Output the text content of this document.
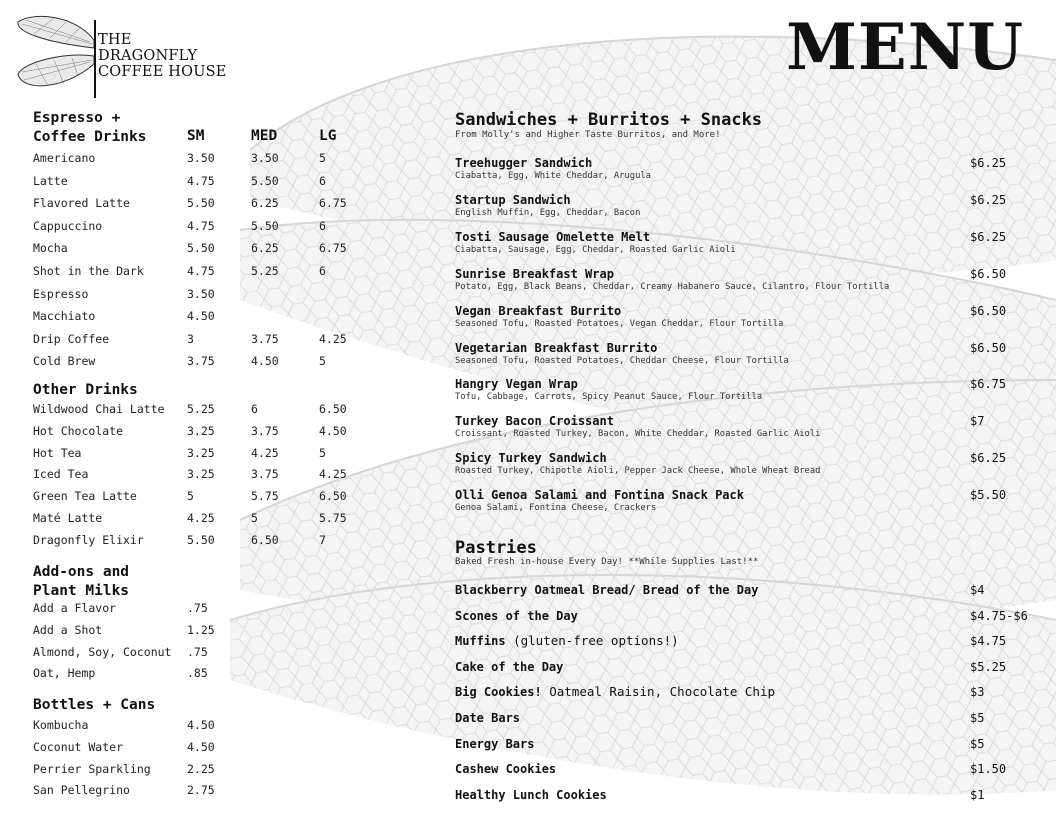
THE
DRAGONFLY
COFFEE HOUSE	MENU
Espresso +
Coffee Drinks	SM	MED	LG
Americano	3.50	3.50	5
Latte	4.75	5.50	6
Flavored Latte	5.50	6.25	6.75
Cappuccino	4.75	5.50	6
Mocha	5.50	6.25	6.75
Shot in the Dark	4.75	5.25	6
Espresso	3.50
Macchiato	4.50
Drip Coffee	3	3.75	4.25
Cold Brew	3.75	4.50	5
Other Drinks
Wildwood Chai Latte 5.25	6	6.50
Hot Chocolate	3.25	3.75	4.50
Hot Tea	3.25	4.25	5
Iced Tea	3.25	3.75	4.25
Green Tea Latte	5	5.75	6.50
Maté Latte	4.25	5	5.75
Dragonfly Elixir	5.50	6.50	7
Add-ons and
Plant Milks
Add a Flavor	.75
Add a Shot	1.25
Almond, Soy, Coconut .75
Oat, Hemp	.85
Bottles + Cans
Kombucha	4.50
Coconut Water	4.50
Perrier Sparkling	2.25
San Pellegrino	2.75
Sandwiches + Burritos + Snacks
From Molly's and Higher Taste Burritos, and More!
Treehugger Sandwich
Ciabatta, Egg, White Cheddar, Arugula
$6.25
Startup Sandwich
English Muffin, Egg, Cheddar, Bacon
$6.25
Tosti Sausage Omelette Melt
Ciabatta, Sausage, Egg, Cheddar, Roasted Garlic Aioli
$6.25
Sunrise Breakfast Wrap
Potato, Egg, Black Beans, Cheddar, Creamy Habanero Sauce, Cilantro, Flour Tortilla
$6.50
Vegan Breakfast Burrito
Seasoned Tofu, Roasted Potatoes, Vegan Cheddar, Flour Tortilla
$6.50
Vegetarian Breakfast Burrito
Seasoned Tofu, Roasted Potatoes, Cheddar Cheese, Flour Tortilla
$6.50
Hangry Vegan Wrap
Tofu, Cabbage, Carrots, Spicy Peanut Sauce, Flour Tortilla
$6.75
Turkey Bacon Croissant
Croissant, Roasted Turkey, Bacon, White Cheddar, Roasted Garlic Aioli
$7
Spicy Turkey Sandwich
Roasted Turkey, Chipotle Aioli, Pepper Jack Cheese, Whole Wheat Bread
$6.25
Olli Genoa Salami and Fontina Snack Pack
Genoa Salami, Fontina Cheese, Crackers
$5.50
Pastries
Baked Fresh in-house Every Day! **While Supplies Last!**
Blackberry Oatmeal Bread/ Bread of the Day	$4
Scones of the Day	$4.75-$6
Muffins (gluten-free options!)	$4.75
Cake of the Day	$5.25
Big Cookies! Oatmeal Raisin, Chocolate Chip	$3
Date Bars	$5
Energy Bars	$5
Cashew Cookies	$1.50
Healthy Lunch Cookies	$1
